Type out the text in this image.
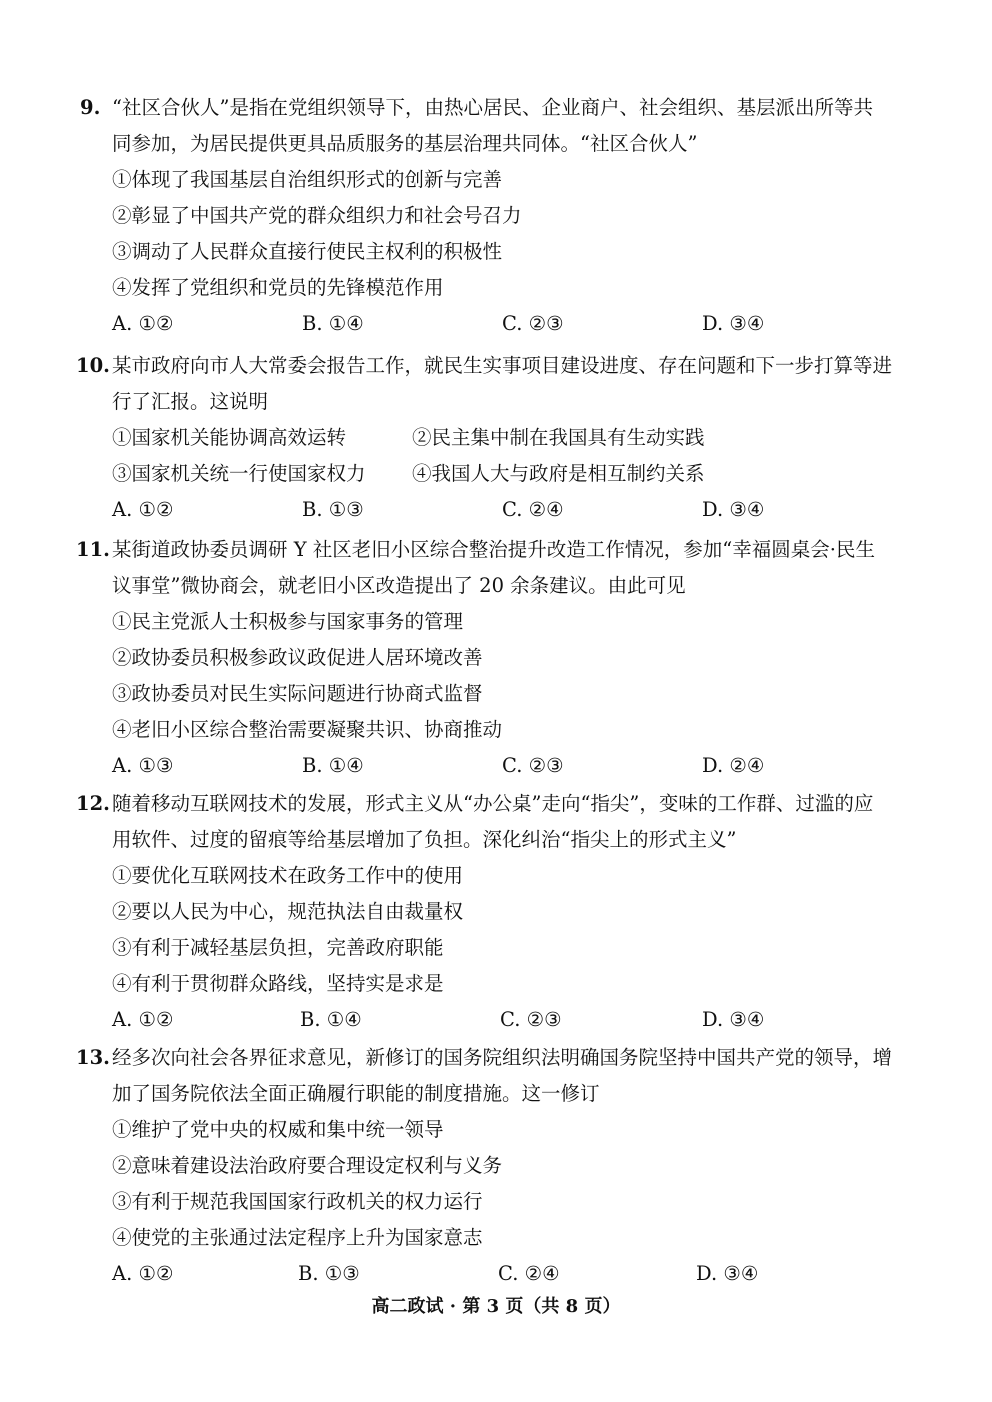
9. “社区合伙人”是指在党组织领导下，由热心居民、企业商户、社会组织、基层派出所等共同参加，为居民提供更具品质服务的基层治理共同体。“社区合伙人”
①体现了我国基层自治组织形式的创新与完善
②彰显了中国共产党的群众组织力和社会号召力
③调动了人民群众直接行使民主权利的积极性
④发挥了党组织和党员的先锋模范作用
A. ①②	B. ①④	C. ②③	D. ③④
10. 某市政府向市人大常委会报告工作，就民生实事项目建设进度、存在问题和下一步打算等进行了汇报。这说明
①国家机关能协调高效运转	②民主集中制在我国具有生动实践
③国家机关统一行使国家权力 ④我国人大与政府是相互制约关系
A. ①②	B. ①③	C. ②④	D. ③④
11. 某街道政协委员调研 Y 社区老旧小区综合整治提升改造工作情况，参加“幸福圆桌会·民生议事堂”微协商会，就老旧小区改造提出了 20 余条建议。由此可见
①民主党派人士积极参与国家事务的管理
②政协委员积极参政议政促进人居环境改善
③政协委员对民生实际问题进行协商式监督
④老旧小区综合整治需要凝聚共识、协商推动
A. ①③	B. ①④	C. ②③	D. ②④
12. 随着移动互联网技术的发展，形式主义从“办公桌”走向“指尖”，变味的工作群、过滥的应用软件、过度的留痕等给基层增加了负担。深化纠治“指尖上的形式主义”
①要优化互联网技术在政务工作中的使用
②要以人民为中心，规范执法自由裁量权
③有利于减轻基层负担，完善政府职能
④有利于贯彻群众路线，坚持实是求是
A. ①②	B. ①④	C. ②③	D. ③④
13. 经多次向社会各界征求意见，新修订的国务院组织法明确国务院坚持中国共产党的领导，增加了国务院依法全面正确履行职能的制度措施。这一修订
①维护了党中央的权威和集中统一领导
②意味着建设法治政府要合理设定权利与义务
③有利于规范我国国家行政机关的权力运行
④使党的主张通过法定程序上升为国家意志
A. ①②	B. ①③	C. ②④	D. ③④
高二政试 · 第 3 页（共 8 页）
